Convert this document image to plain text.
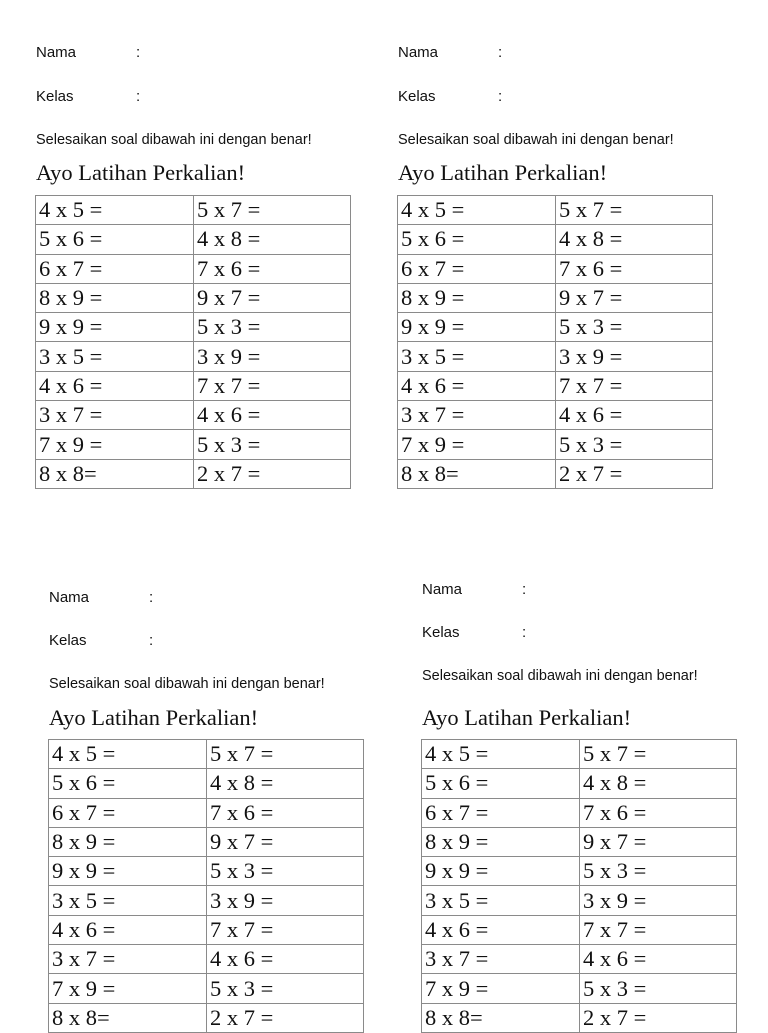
Nama	:
Kelas	:
Selesaikan soal dibawah ini dengan benar!
Ayo Latihan Perkalian!
4 x 5 =	5 x 7 =
5 x 6 =	4 x 8 =
6 x 7 =	7 x 6 =
8 x 9 =	9 x 7 =
9 x 9 =	5 x 3 =
3 x 5 =	3 x 9 =
4 x 6 =	7 x 7 =
3 x 7 =	4 x 6 =
7 x 9 =	5 x 3 =
8 x 8=	2 x 7 =
Nama	:
Kelas	:
Selesaikan soal dibawah ini dengan benar!
Ayo Latihan Perkalian!
4 x 5 =	5 x 7 =
5 x 6 =	4 x 8 =
6 x 7 =	7 x 6 =
8 x 9 =	9 x 7 =
9 x 9 =	5 x 3 =
3 x 5 =	3 x 9 =
4 x 6 =	7 x 7 =
3 x 7 =	4 x 6 =
7 x 9 =	5 x 3 =
8 x 8=	2 x 7 =
Nama	:
Kelas	:
Selesaikan soal dibawah ini dengan benar!
Ayo Latihan Perkalian!
4 x 5 =	5 x 7 =
5 x 6 =	4 x 8 =
6 x 7 =	7 x 6 =
8 x 9 =	9 x 7 =
9 x 9 =	5 x 3 =
3 x 5 =	3 x 9 =
4 x 6 =	7 x 7 =
3 x 7 =	4 x 6 =
7 x 9 =	5 x 3 =
8 x 8=	2 x 7 =
Nama	:
Kelas	:
Selesaikan soal dibawah ini dengan benar!
Ayo Latihan Perkalian!
4 x 5 =	5 x 7 =
5 x 6 =	4 x 8 =
6 x 7 =	7 x 6 =
8 x 9 =	9 x 7 =
9 x 9 =	5 x 3 =
3 x 5 =	3 x 9 =
4 x 6 =	7 x 7 =
3 x 7 =	4 x 6 =
7 x 9 =	5 x 3 =
8 x 8=	2 x 7 =
